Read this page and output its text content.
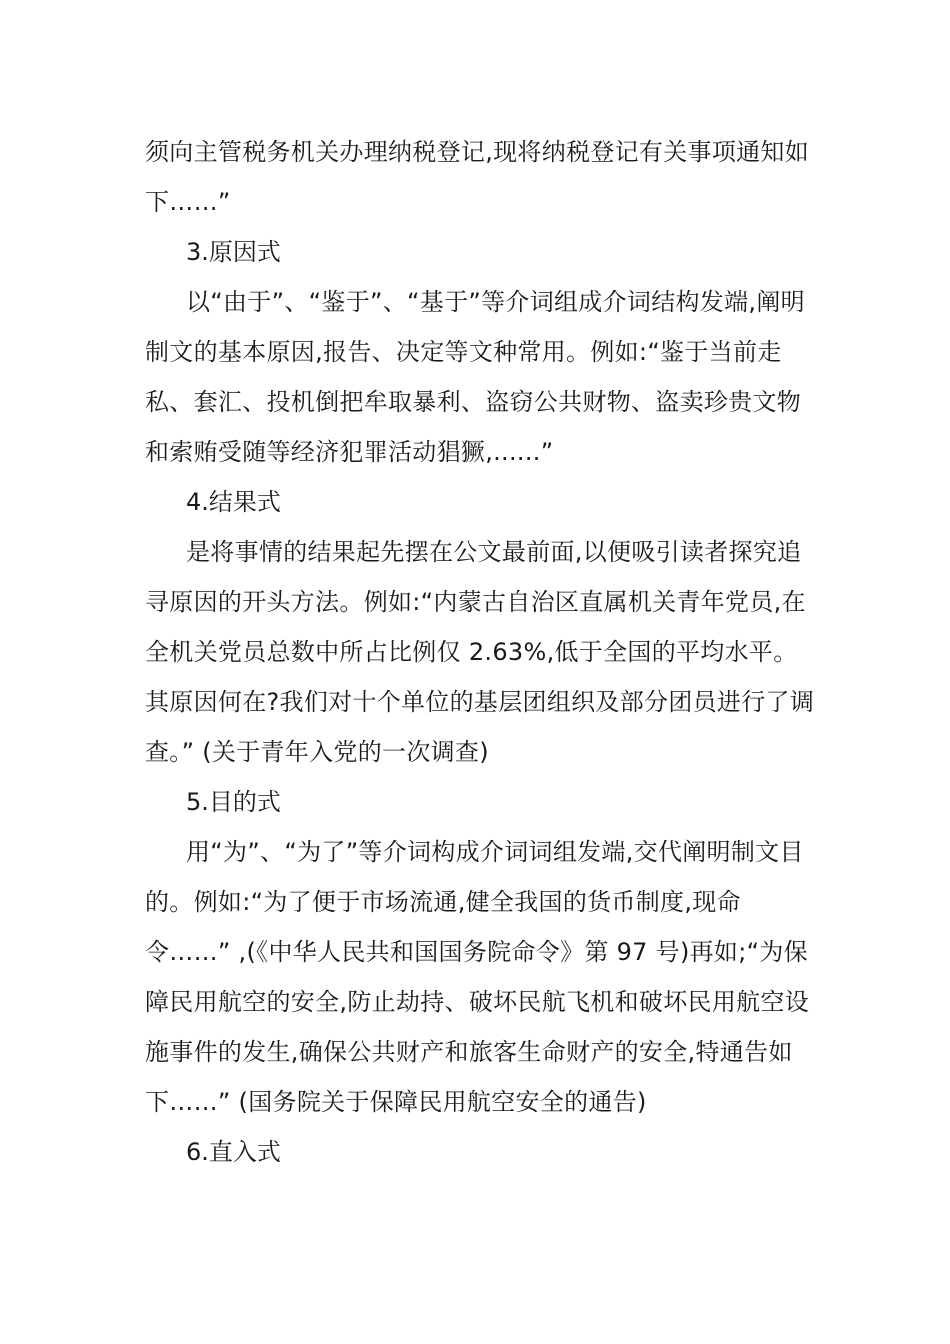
须向主管税务机关办理纳税登记,现将纳税登记有关事项通知如下……”

3.原因式

以“由于”、“鉴于”、“基于”等介词组成介词结构发端,阐明制文的基本原因,报告、决定等文种常用。例如:“鉴于当前走私、套汇、投机倒把牟取暴利、盗窃公共财物、盗卖珍贵文物和索贿受随等经济犯罪活动猖獗,......”

4.结果式

是将事情的结果起先摆在公文最前面,以便吸引读者探究追寻原因的开头方法。例如:“内蒙古自治区直属机关青年党员,在全机关党员总数中所占比例仅 2.63%,低于全国的平均水平。其原因何在?我们对十个单位的基层团组织及部分团员进行了调查。” (关于青年入党的一次调查)

5.目的式

用“为”、“为了”等介词构成介词词组发端,交代阐明制文目的。例如:“为了便于市场流通,健全我国的货币制度,现命令……” ,(《中华人民共和国国务院命令》第 97 号)再如;“为保障民用航空的安全,防止劫持、破坏民航飞机和破坏民用航空设施事件的发生,确保公共财产和旅客生命财产的安全,特通告如下……” (国务院关于保障民用航空安全的通告)

6.直入式
